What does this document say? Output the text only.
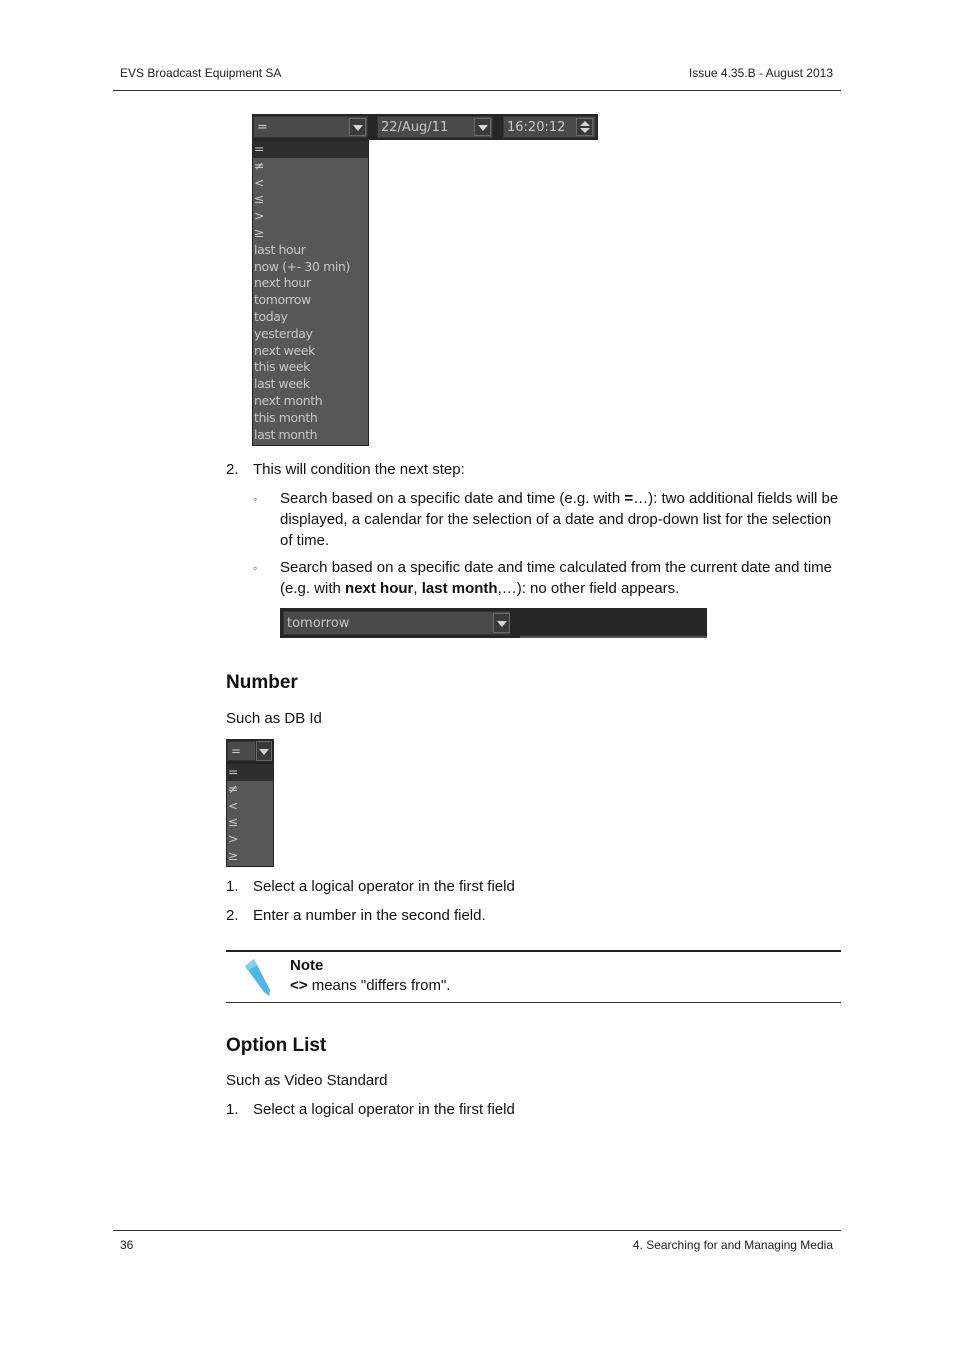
EVS Broadcast Equipment SA	Issue 4.35.B - August 2013
=	22/Aug/11	16:20:12
=
≠
<
≤
>
≥
last hour
now (+- 30 min)
next hour
tomorrow
today
yesterday
next week
this week
last week
next month
this month
last month
2. This will condition the next step:
◦ Search based on a specific date and time (e.g. with =…): two additional fields will be displayed, a calendar for the selection of a date and drop-down list for the selection of time.
◦ Search based on a specific date and time calculated from the current date and time (e.g. with next hour, last month,…): no other field appears.
tomorrow
Number
Such as DB Id
=
=
≠
<
≤
>
≥
1. Select a logical operator in the first field
2. Enter a number in the second field.
Note
<> means "differs from".
Option List
Such as Video Standard
1. Select a logical operator in the first field
36	4. Searching for and Managing Media
